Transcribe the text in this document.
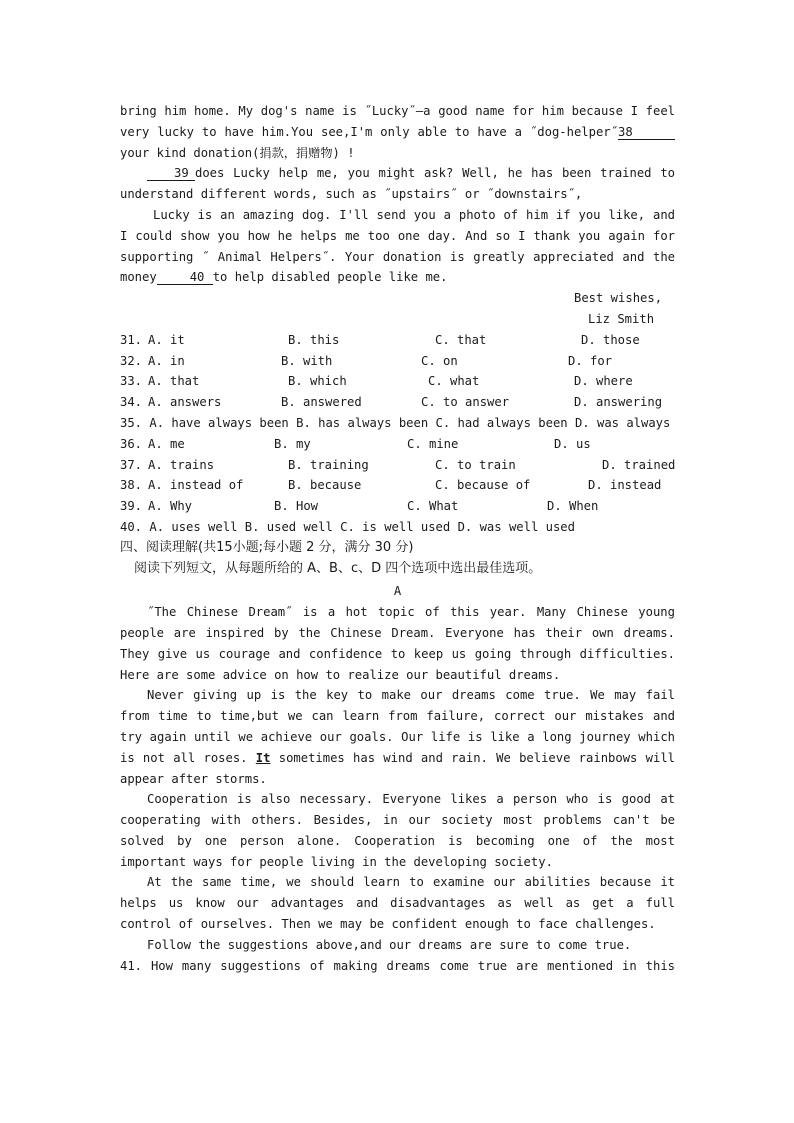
bring him home. My dog's name is ˝Lucky˝—a good name for him because I feel very lucky to have him.You see,I'm only able to have a ˝dog-helper˝38your kind donation(捐款，捐赠物) !

39 does Lucky help me, you might ask? Well, he has been trained to understand different words, such as ˝upstairs˝ or ˝downstairs˝,

Lucky is an amazing dog. I'll send you a photo of him if you like, and I could show you how he helps me too one day. And so I thank you again for supporting ˝ Animal Helpers˝. Your donation is greatly appreciated and the money	40 to help disabled people like me.

Best wishes,
Liz Smith
31. A. it	B. this	C. that	D. those
32. A. in	B. with	C. on	D. for
33. A. that	B. which	C. what	D. where
34. A. answers	B. answered	C. to answer	D. answering
35. A. have always been B. has always been C. had always been D. was always
36. A. me	B. my	C. mine	D. us
37. A. trains	B. training	C. to train	D. trained
38. A. instead of	B. because	C. because of	D. instead
39. A. Why	B. How	C. What	D. When
40. A. uses well B. used well C. is well used D. was well used
四、阅读理解(共15小题;每小题 2 分，满分 30 分)
阅读下列短文，从每题所给的 A、B、c、D 四个选项中选出最佳选项。
A

˝The Chinese Dream˝ is a hot topic of this year. Many Chinese young people are inspired by the Chinese Dream. Everyone has their own dreams. They give us courage and confidence to keep us going through difficulties. Here are some advice on how to realize our beautiful dreams.

Never giving up is the key to make our dreams come true. We may fail from time to time,but we can learn from failure, correct our mistakes and try again until we achieve our goals. Our life is like a long journey which is not all roses. It sometimes has wind and rain. We believe rainbows will appear after storms.

Cooperation is also necessary. Everyone likes a person who is good at cooperating with others. Besides, in our society most problems can't be solved by one person alone. Cooperation is becoming one of the most important ways for people living in the developing society.

At the same time, we should learn to examine our abilities because it helps us know our advantages and disadvantages as well as get a full control of ourselves. Then we may be confident enough to face challenges.

Follow the suggestions above,and our dreams are sure to come true.

41. How many suggestions of making dreams come true are mentioned in this
